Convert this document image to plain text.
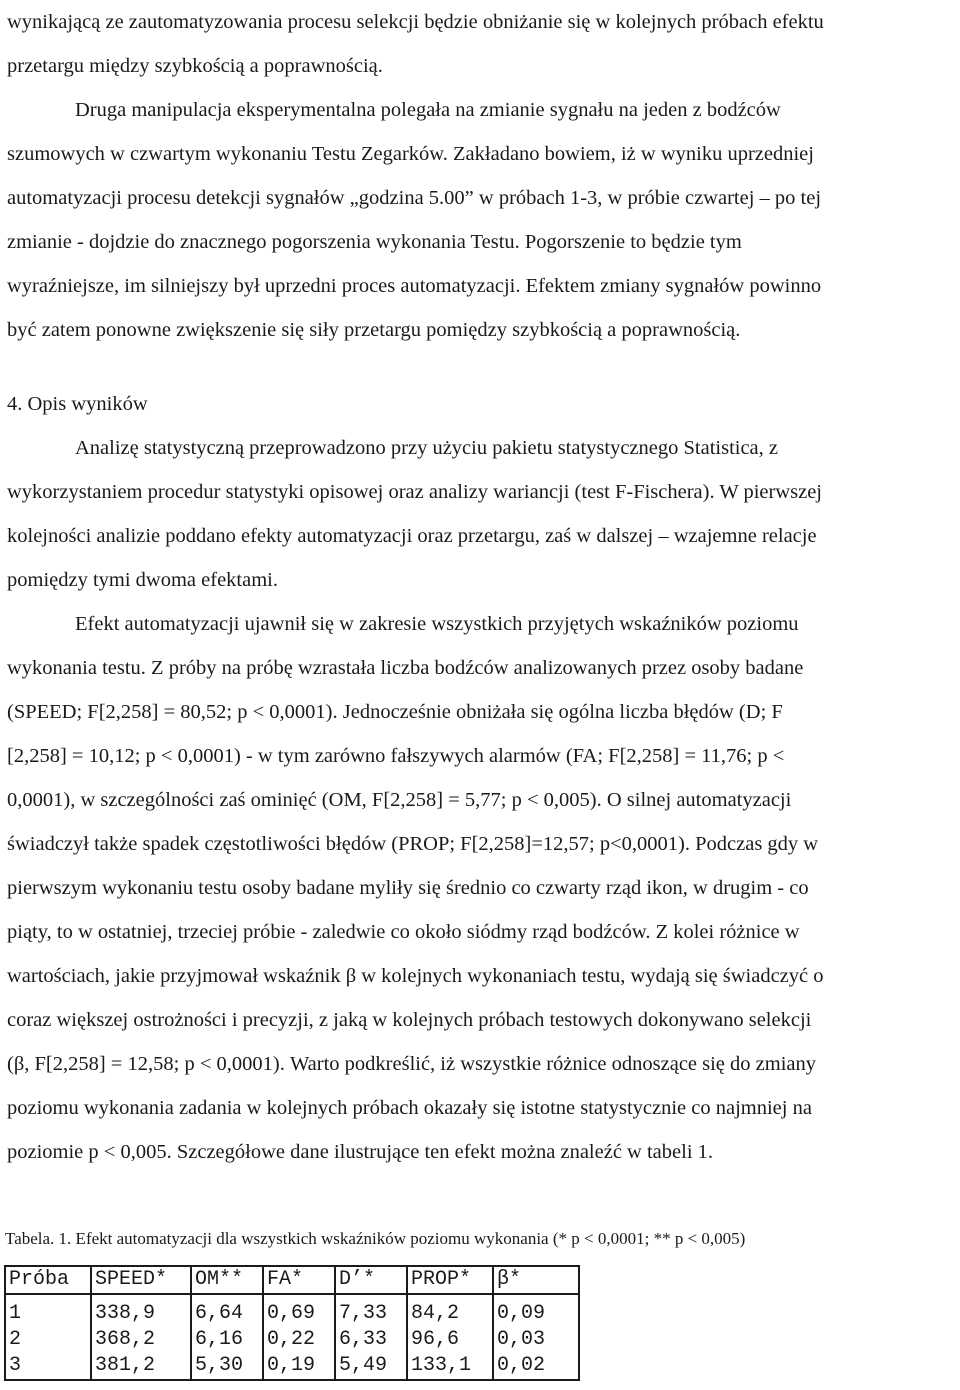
wynikającą ze zautomatyzowania procesu selekcji będzie obniżanie się w kolejnych próbach efektu
przetargu między szybkością a poprawnością.
Druga manipulacja eksperymentalna polegała na zmianie sygnału na jeden z bodźców
szumowych w czwartym wykonaniu Testu Zegarków. Zakładano bowiem, iż w wyniku uprzedniej
automatyzacji procesu detekcji sygnałów „godzina 5.00” w próbach 1-3, w próbie czwartej – po tej
zmianie - dojdzie do znacznego pogorszenia wykonania Testu. Pogorszenie to będzie tym
wyraźniejsze, im silniejszy był uprzedni proces automatyzacji. Efektem zmiany sygnałów powinno
być zatem ponowne zwiększenie się siły przetargu pomiędzy szybkością a poprawnością.
4. Opis wyników
Analizę statystyczną przeprowadzono przy użyciu pakietu statystycznego Statistica, z
wykorzystaniem procedur statystyki opisowej oraz analizy wariancji (test F-Fischera). W pierwszej
kolejności analizie poddano efekty automatyzacji oraz przetargu, zaś w dalszej – wzajemne relacje
pomiędzy tymi dwoma efektami.
Efekt automatyzacji ujawnił się w zakresie wszystkich przyjętych wskaźników poziomu
wykonania testu. Z próby na próbę wzrastała liczba bodźców analizowanych przez osoby badane
(SPEED; F[2,258] = 80,52; p < 0,0001). Jednocześnie obniżała się ogólna liczba błędów (D; F
[2,258] = 10,12; p < 0,0001) - w tym zarówno fałszywych alarmów (FA; F[2,258] = 11,76; p <
0,0001), w szczególności zaś ominięć (OM, F[2,258] = 5,77; p < 0,005). O silnej automatyzacji
świadczył także spadek częstotliwości błędów (PROP; F[2,258]=12,57; p<0,0001). Podczas gdy w
pierwszym wykonaniu testu osoby badane myliły się średnio co czwarty rząd ikon, w drugim - co
piąty, to w ostatniej, trzeciej próbie - zaledwie co około siódmy rząd bodźców. Z kolei różnice w
wartościach, jakie przyjmował wskaźnik β w kolejnych wykonaniach testu, wydają się świadczyć o
coraz większej ostrożności i precyzji, z jaką w kolejnych próbach testowych dokonywano selekcji
(β, F[2,258] = 12,58; p < 0,0001). Warto podkreślić, iż wszystkie różnice odnoszące się do zmiany
poziomu wykonania zadania w kolejnych próbach okazały się istotne statystycznie co najmniej na
poziomie p < 0,005. Szczegółowe dane ilustrujące ten efekt można znaleźć w tabeli 1.
Tabela. 1. Efekt automatyzacji dla wszystkich wskaźników poziomu wykonania (* p < 0,0001; ** p < 0,005)
Próba	SPEED*	OM**	FA*	D’*	PROP*	β*
1	338,9	6,64	0,69	7,33	84,2	0,09
2	368,2	6,16	0,22	6,33	96,6	0,03
3	381,2	5,30	0,19	5,49	133,1	0,02
